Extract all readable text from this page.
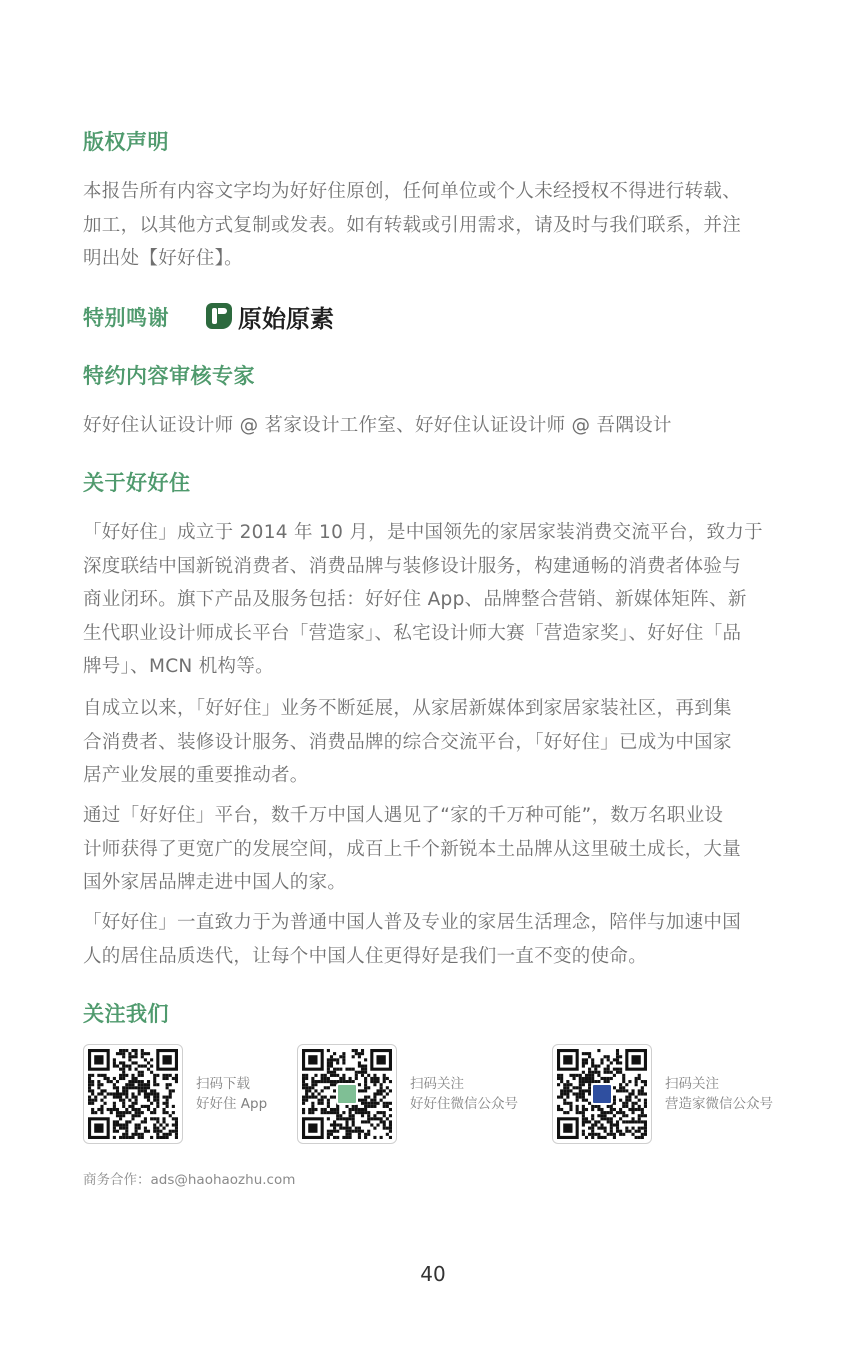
版权声明
本报告所有内容文字均为好好住原创，任何单位或个人未经授权不得进行转载、
加工，以其他方式复制或发表。如有转载或引用需求，请及时与我们联系，并注
明出处【好好住】。
特别鸣谢	原始原素
特约内容审核专家
好好住认证设计师 @ 茗家设计工作室、好好住认证设计师 @ 吾隅设计
关于好好住
「好好住」成立于 2014 年 10 月，是中国领先的家居家装消费交流平台，致力于
深度联结中国新锐消费者、消费品牌与装修设计服务，构建通畅的消费者体验与
商业闭环。旗下产品及服务包括：好好住 App、品牌整合营销、新媒体矩阵、新
生代职业设计师成长平台「营造家」、私宅设计师大赛「营造家奖」、好好住「品
牌号」、MCN 机构等。
自成立以来，「好好住」业务不断延展，从家居新媒体到家居家装社区，再到集
合消费者、装修设计服务、消费品牌的综合交流平台，「好好住」已成为中国家
居产业发展的重要推动者。
通过「好好住」平台，数千万中国人遇见了“家的千万种可能”，数万名职业设
计师获得了更宽广的发展空间，成百上千个新锐本土品牌从这里破土成长，大量
国外家居品牌走进中国人的家。
「好好住」一直致力于为普通中国人普及专业的家居生活理念，陪伴与加速中国
人的居住品质迭代，让每个中国人住更得好是我们一直不变的使命。
关注我们
扫码下载
好好住 App
扫码关注
好好住微信公众号
扫码关注
营造家微信公众号
商务合作：ads@haohaozhu.com
40
